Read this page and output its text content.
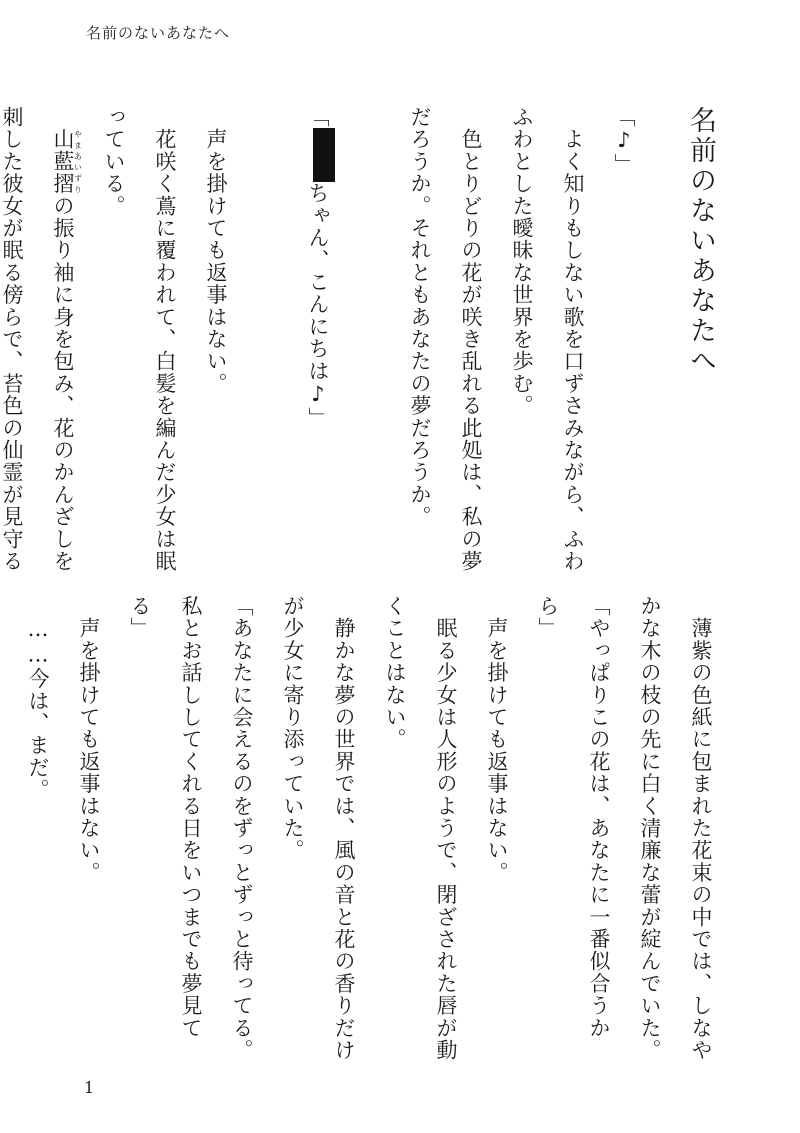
名前のないあなたへ
名前のないあなたへ
「♪」
　よく知りもしない歌を口ずさみながら、ふわ
ふわとした曖昧な世界を歩む。
　色とりどりの花が咲き乱れる此処は、私の夢
だろうか。それともあなたの夢だろうか。
「ちゃん、こんにちは♪」
　声を掛けても返事はない。
　花咲く蔦に覆われて、白髪を編んだ少女は眠
っている。
　山藍摺やまあいずりの振り袖に身を包み、花のかんざしを
刺した彼女が眠る傍らで、苔色の仙霊が見守る
　薄紫の色紙に包まれた花束の中では、しなや
かな木の枝の先に白く清廉な蕾が綻んでいた。
「やっぱりこの花は、あなたに一番似合うか
ら」
　声を掛けても返事はない。
　眠る少女は人形のようで、閉ざされた唇が動
くことはない。
　静かな夢の世界では、風の音と花の香りだけ
が少女に寄り添っていた。
「あなたに会えるのをずっとずっと待ってる。
私とお話ししてくれる日をいつまでも夢見て
る」
　声を掛けても返事はない。
　……今は、まだ。
1
